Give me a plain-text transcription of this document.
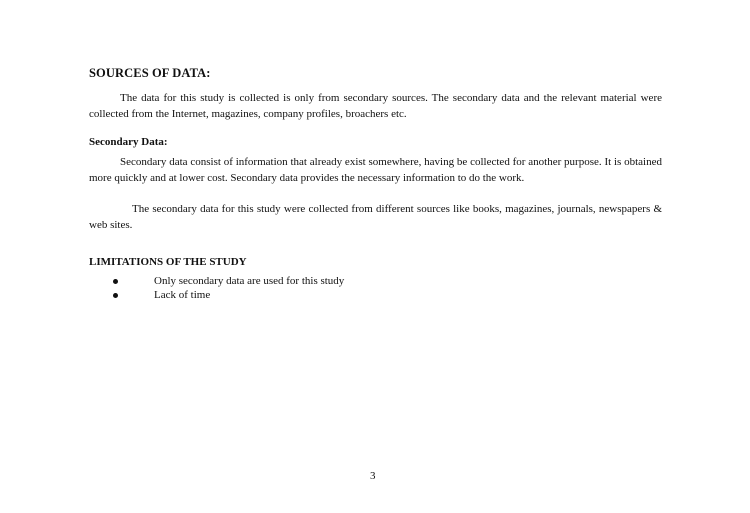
SOURCES OF DATA:
The data for this study is collected is only from secondary sources. The secondary data and the relevant material were collected from the Internet, magazines, company profiles, broachers etc.
Secondary Data:
Secondary data consist of information that already exist somewhere, having be collected for another purpose. It is obtained more quickly and at lower cost. Secondary data provides the necessary information to do the work.
The secondary data for this study were collected from different sources like books, magazines, journals, newspapers & web sites.
LIMITATIONS OF THE STUDY
Only secondary data are used for this study
Lack of time
3
